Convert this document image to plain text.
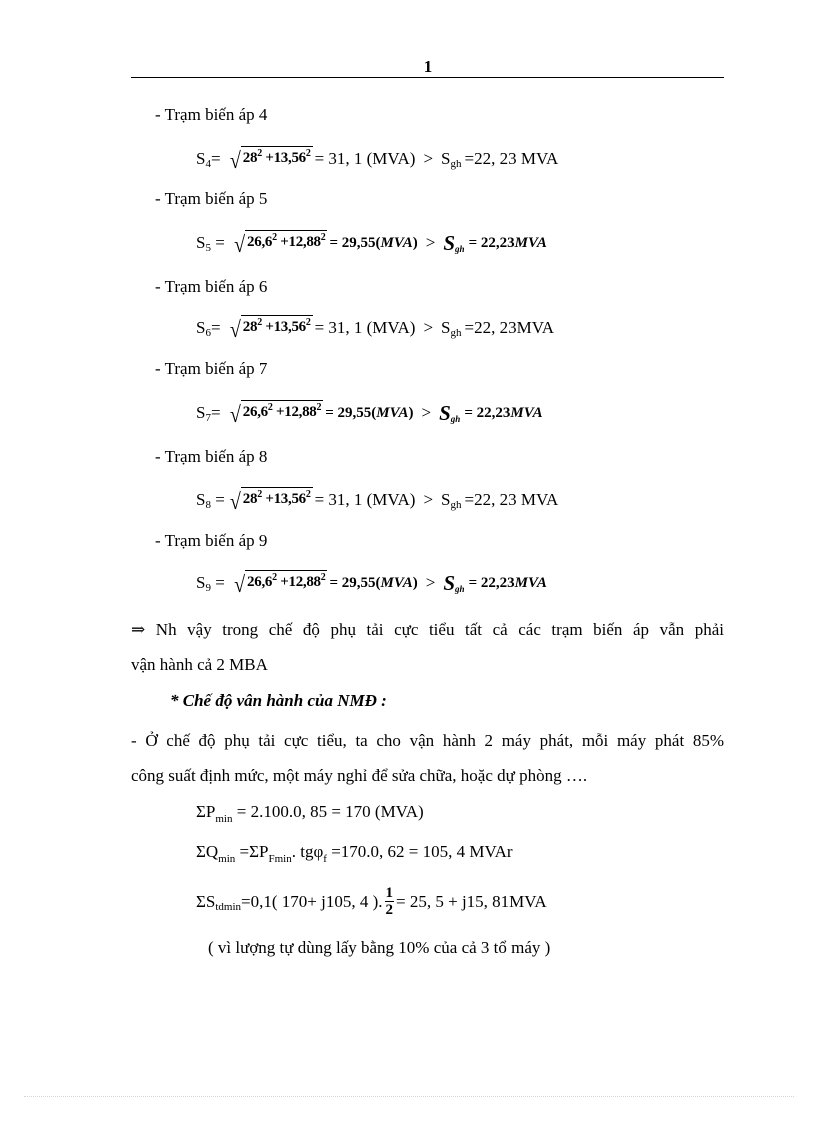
1
- Trạm biến áp 4
S 4 = √ $28^2 +13,56^2 = 31$, 1 (MVA) > S gh =22, 23 MVA
- Trạm biến áp 5
S 5 = √ $26,6^2 +12,88^2 = 29,55$ (MVA) > S gh = 22,23 MVA
- Trạm biến áp 6
S 6 = √ $28^2 +13,56^2 = 31$, 1 (MVA) > S gh =22, 23MVA
- Trạm biến áp 7
S 7 = √ $26,6^2 +12,88^2 = 29,55$ (MVA) > S gh = 22,23 MVA
- Trạm biến áp 8
S 8 = √ $28^2 +13,56^2 = 31$, 1 (MVA) > S gh =22, 23 MVA
- Trạm biến áp 9
S 9 = √ $26,6^2 +12,88^2 = 29,55$ (MVA) > S gh = 22,23 MVA
⇒ Nh vậy trong chế độ phụ tải cực tiểu tất cả các trạm biến áp vẫn phải
vận hành cả 2 MBA
* Chế độ vân hành của NMĐ :
- Ở chế độ phụ tải cực tiểu, ta cho vận hành 2 máy phát, mỗi máy phát 85%
công suất định mức, một máy nghỉ để sửa chữa, hoặc dự phòng ….
$\Sigma P_{min} = 2.100.0$, 85 = 170 (MVA)
$\Sigma Q_{min} =\Sigma P_{Fmin}$. tgφ$_f$ =170.0, 62 = 105, 4 MVAr
ΣS tdmin =0,1( 170+ j105, 4 ). $\frac{1}{2} = 25$, 5 + j15, 81MVA
( vì lượng tự dùng lấy bằng 10% của cả 3 tổ máy )
